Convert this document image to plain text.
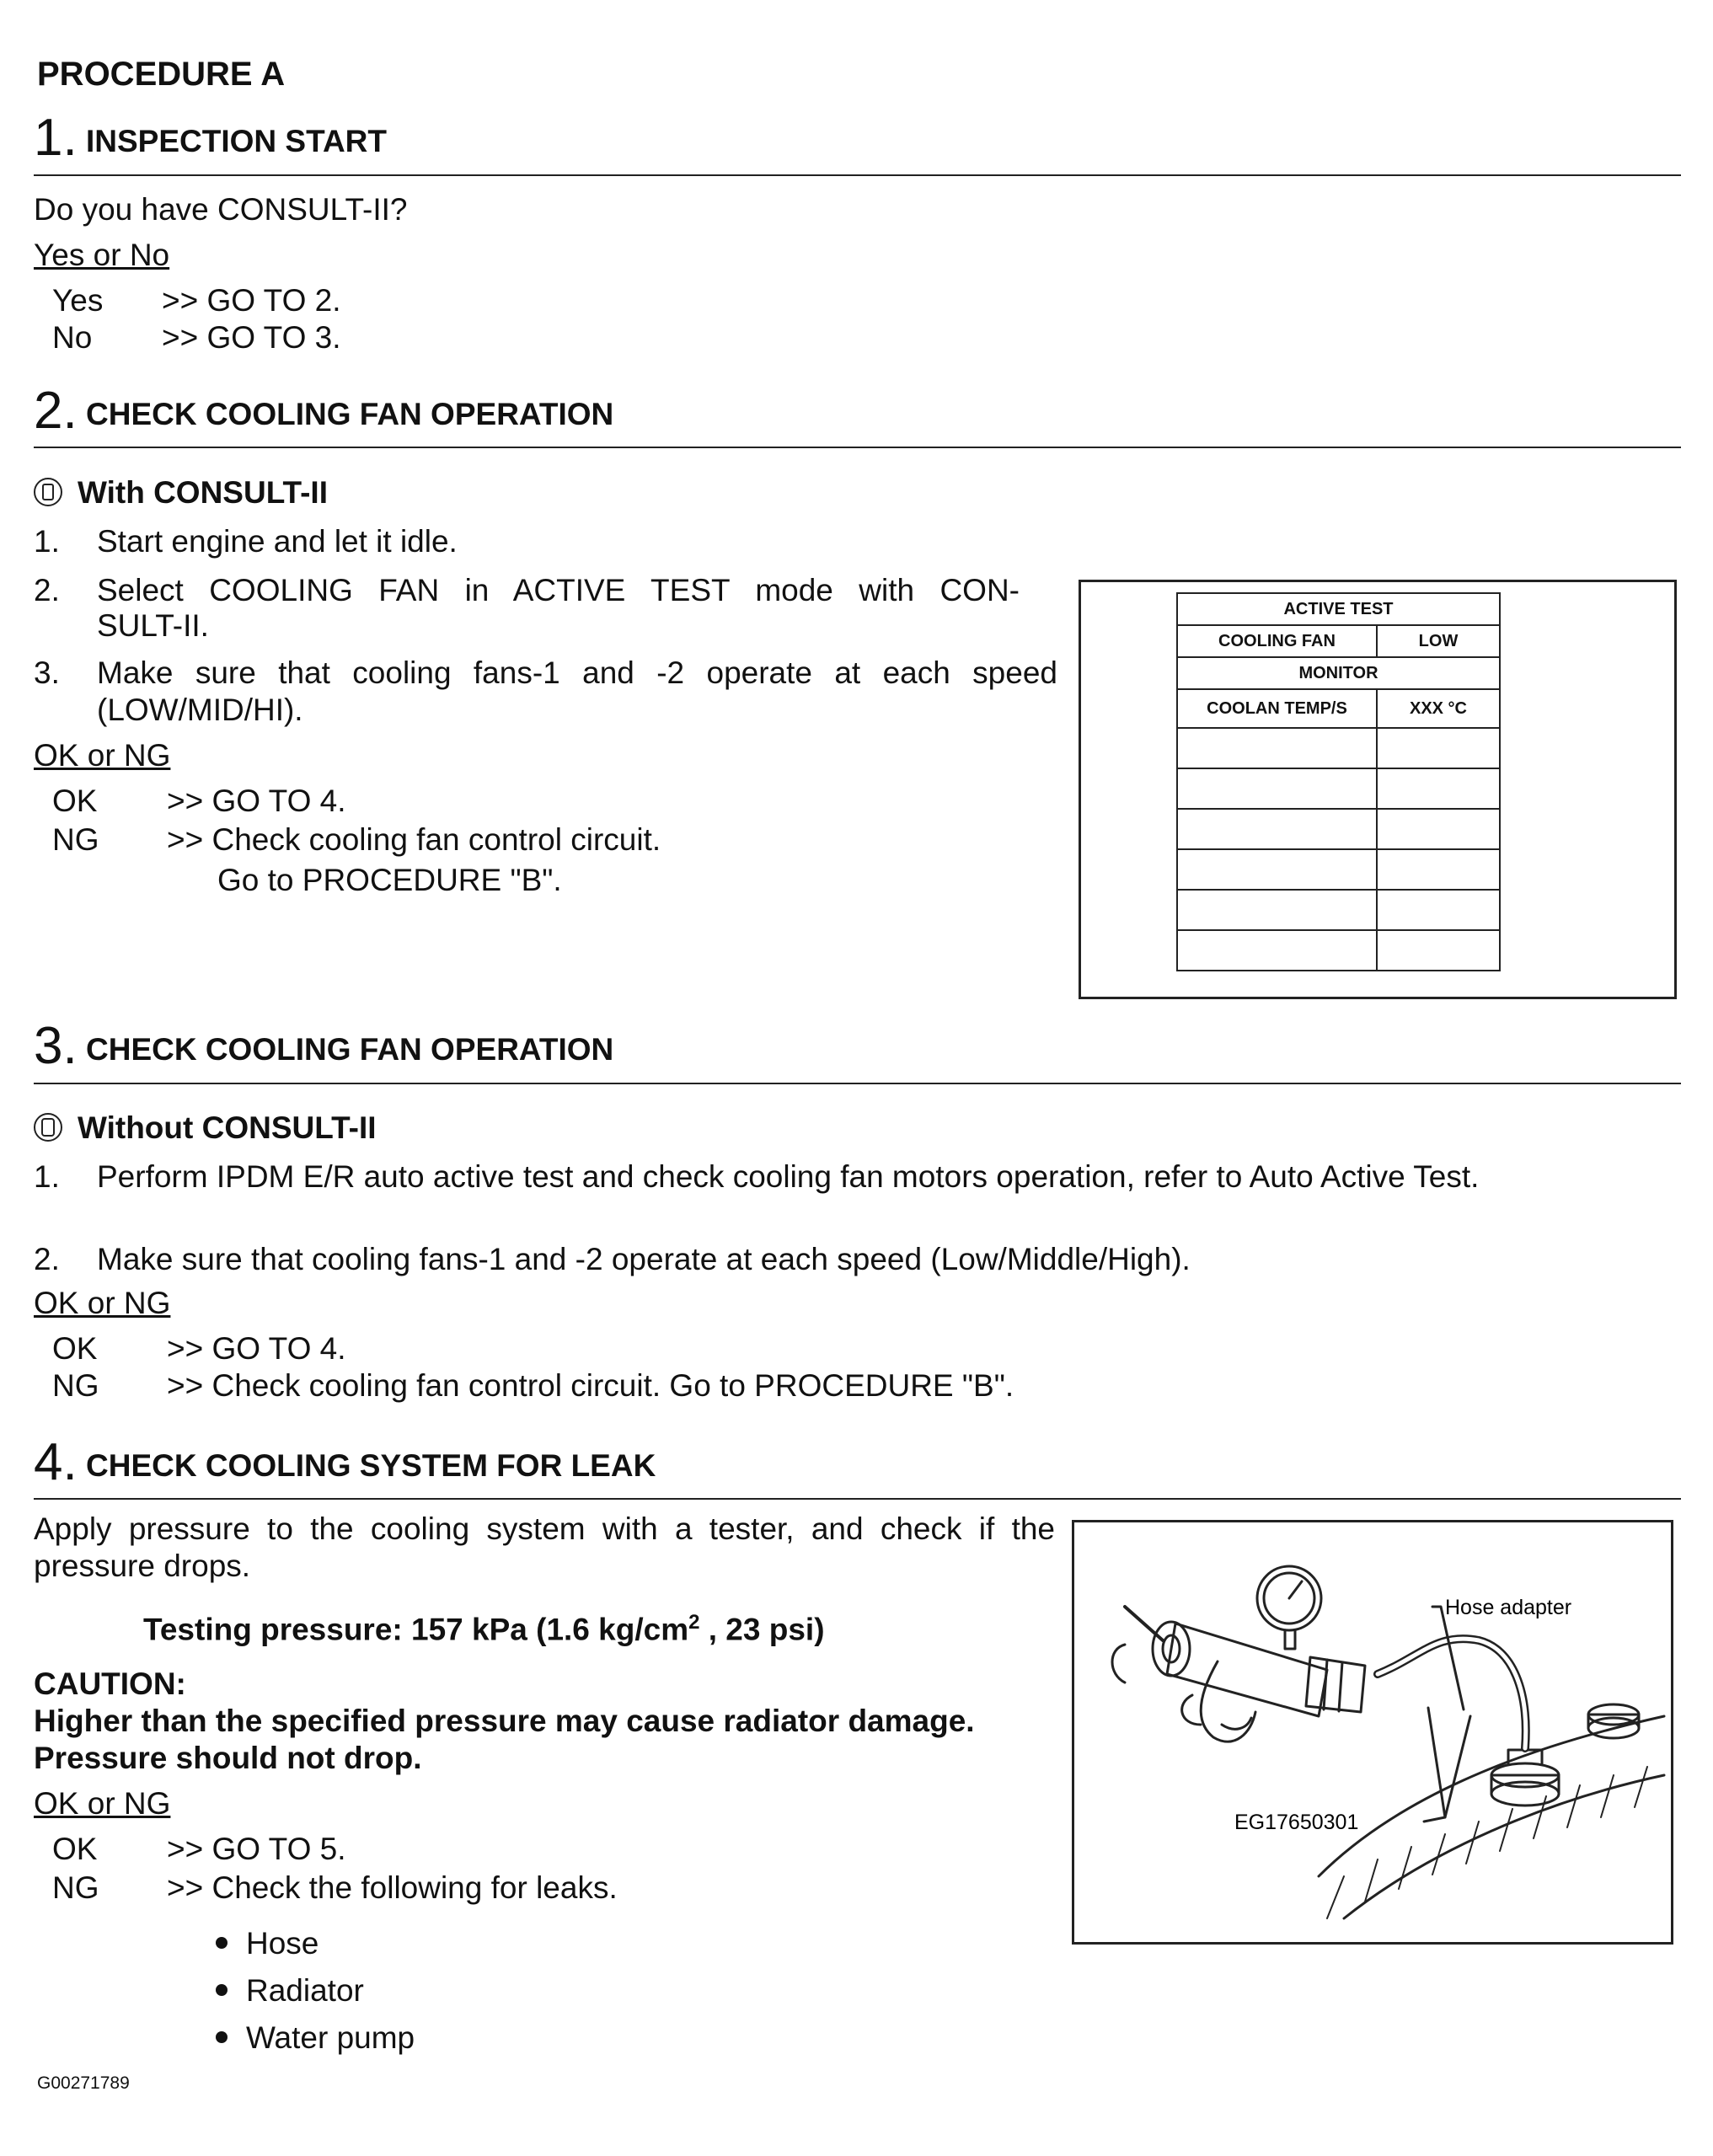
PROCEDURE A
1. INSPECTION START
Do you have CONSULT-II?
Yes or No
Yes >> GO TO 2.
No >> GO TO 3.
2. CHECK COOLING FAN OPERATION
With CONSULT-II
1. Start engine and let it idle.
2. Select COOLING FAN in ACTIVE TEST mode with CON-
SULT-II.
3. Make sure that cooling fans-1 and -2 operate at each speed
(LOW/MID/HI).
OK or NG
OK >> GO TO 4.
NG >> Check cooling fan control circuit.
Go to PROCEDURE "B".
ACTIVE TEST	
COOLING FAN	LOW
MONITOR	
COOLAN TEMP/S	XXX °C

3. CHECK COOLING FAN OPERATION
Without CONSULT-II
1. Perform IPDM E/R auto active test and check cooling fan motors operation, refer to Auto Active Test.
2. Make sure that cooling fans-1 and -2 operate at each speed (Low/Middle/High).
OK or NG
OK >> GO TO 4.
NG >> Check cooling fan control circuit. Go to PROCEDURE "B".
4. CHECK COOLING SYSTEM FOR LEAK
Apply pressure to the cooling system with a tester, and check if the
pressure drops.
Testing pressure: 157 kPa (1.6 $kg/cm^2$ , 23 psi)
CAUTION:
Higher than the specified pressure may cause radiator damage.
Pressure should not drop.
OK or NG
OK >> GO TO 5.
NG >> Check the following for leaks.
Hose
Radiator
Water pump
Hose adapter
EG17650301
G00271789
